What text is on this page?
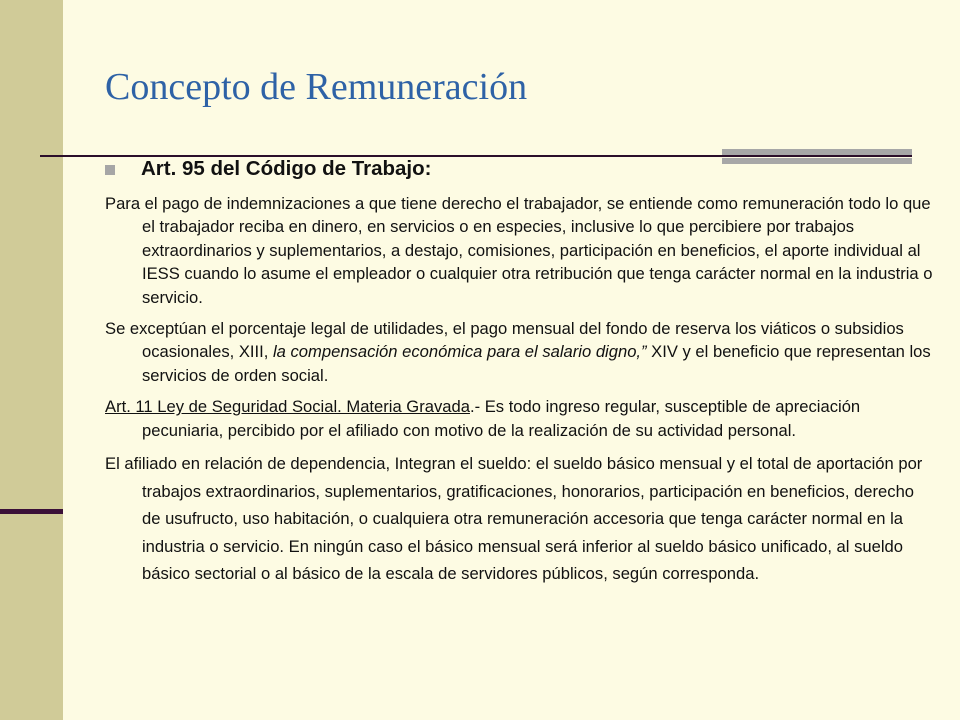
Concepto de Remuneración
Art. 95 del Código de Trabajo:

Para el pago de indemnizaciones a que tiene derecho el trabajador, se entiende como remuneración todo lo que el trabajador reciba en dinero, en servicios o en especies, inclusive lo que percibiere por trabajos extraordinarios y suplementarios, a destajo, comisiones, participación en beneficios, el aporte individual al IESS cuando lo asume el empleador o cualquier otra retribución que tenga carácter normal en la industria o servicio.

Se exceptúan el porcentaje legal de utilidades, el pago mensual del fondo de reserva los viáticos o subsidios ocasionales, XIII, la compensación económica para el salario digno,” XIV y el beneficio que representan los servicios de orden social.

Art. 11 Ley de Seguridad Social. Materia Gravada.- Es todo ingreso regular, susceptible de apreciación pecuniaria, percibido por el afiliado con motivo de la realización de su actividad personal.

El afiliado en relación de dependencia, Integran el sueldo: el sueldo básico mensual y el total de aportación por trabajos extraordinarios, suplementarios, gratificaciones, honorarios, participación en beneficios, derecho de usufructo, uso habitación, o cualquiera otra remuneración accesoria que tenga carácter normal en la industria o servicio. En ningún caso el básico mensual será inferior al sueldo básico unificado, al sueldo básico sectorial o al básico de la escala de servidores públicos, según corresponda.
